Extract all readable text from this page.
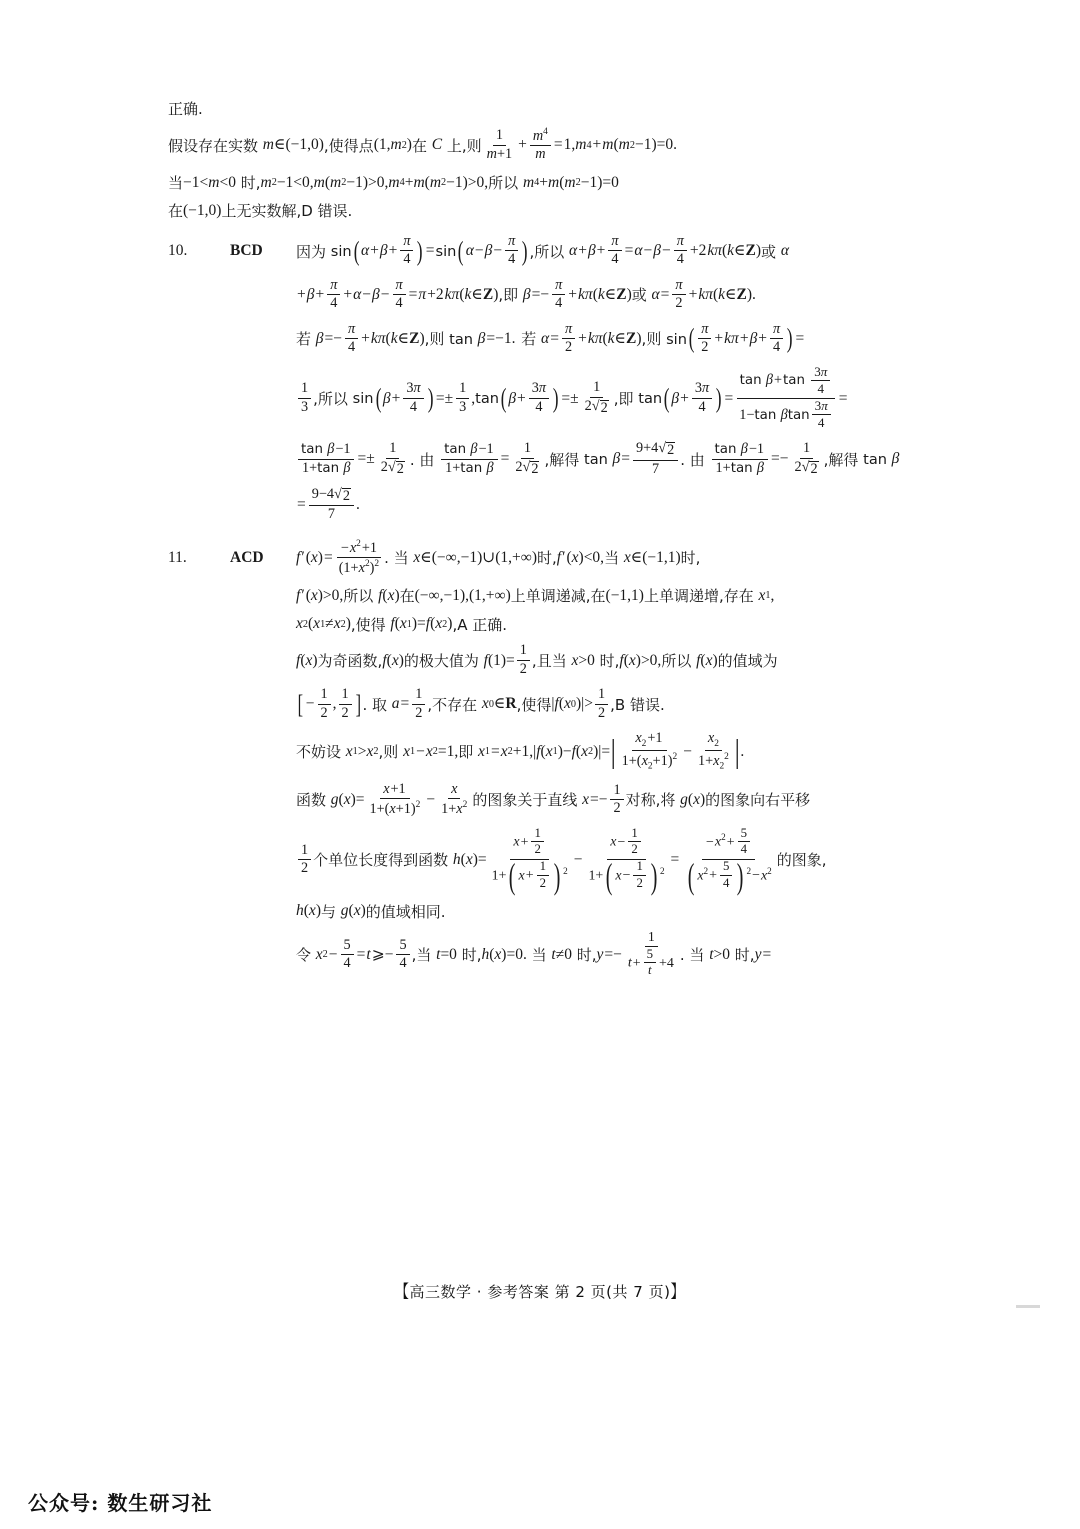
正确.
假设存在实数 m ∈(−1,0) ,使得点 (1, m 2 ) 在 C 上,则 $\frac{1}{m+1} + \frac{m^4}{m} = 1$, m 4 + m ( m 2 −1)=0.
当 −1< m <0 时, m 2 −1<0, m ( m 2 −1)>0, m 4 + m ( m 2 −1)>0, 所以 m 4 + m ( m 2 −1)=0
在 (−1,0) 上无实数解,D 错误.
10.	BCD	因为 sin ( $\alpha + \beta + \frac{\pi}{4}$ ) = sin ( $\alpha - \beta - \frac{\pi}{4}$ ) ,所以 $\alpha + \beta + \frac{\pi}{4} = \alpha - \beta - \frac{\pi}{4} +2$ k π ( k ∈ Z ) 或 α
+ $\beta + \frac{\pi}{4} + \alpha - \beta - \frac{\pi}{4} = \pi +2$ k π ( k ∈ Z ) ,即 $\beta =- \frac{\pi}{4} + k$ π ( k ∈ Z ) 或 $\alpha = \frac{\pi}{2} + k$ π ( k ∈ Z ).
若 $\beta =- \frac{\pi}{4} + k$ π ( k ∈ Z ) ,则 tan β =−1. 若 $\alpha = \frac{\pi}{2} + k$ π ( k ∈ Z ) ,则 sin ( $\frac{\pi}{2} + k$ $\pi + \beta + \frac{\pi}{4}$ ) =
$\frac{1}{3}$ ,所以 sin ( $\beta + \frac{3\pi}{4}$ ) =± $\frac{1}{3}$ , tan ( $\beta + \frac{3\pi}{4}$ ) =± $\frac{1}{2 √ 2}$ ,即 tan ( $\beta + \frac{3\pi}{4}$ ) = $\frac{\tan \beta+\tan \frac{3\pi}{4}}{1-\tan \beta\tan \frac{3\pi}{4}}$ =
$\frac{\text{tan β−1}}{\text{1+tan β}} =\pm \frac{1}{2 √ 2}$ . 由 $\frac{\text{tan β−1}}{\text{1+tan β}} = \frac{1}{2 √ 2}$ ,解得 $\tan \beta = \frac{9+4 √ 2}{7}$ . 由 $\frac{\text{tan β−1}}{\text{1+tan β}} =- \frac{1}{2 √ 2}$ ,解得 tan β
= $\frac{9-4 √ 2}{7}$ .
11.	ACD	f ′ ( x ) = $\frac{-x^2+1}{(1+x^2)^2}$ . 当 x ∈(−∞,−1)∪(1,+∞) 时, f ′ ( x )<0, 当 x ∈(−1,1) 时,
f ′ ( x )>0, 所以 f ( x ) 在 (−∞,−1),(1,+∞) 上单调递减,在 (−1,1) 上单调递增,存在 x 1 ,
x 2 ( x 1 ≠ x 2 ) ,使得 f ( x 1 )= f ( x 2 ) ,A 正确.
f ( x ) 为奇函数, f ( x ) 的极大值为 f $(1)= \frac{1}{2}$ ,且当 x >0 时, f ( x )>0, 所以 f ( x ) 的值域为
[ − $\frac{1}{2}$ , $\frac{1}{2}$ ] . 取 $a = \frac{1}{2}$ ,不存在 x 0 ∈ R ,使得 | f ( x 0 )|> $\frac{1}{2} ,B$ 错误.
不妨设 x 1 > x 2 ,则 x 1 − x 2 =1, 即 x 1 = x 2 +1,| f ( x 1 )− f ( x 2 )|= | $\frac{x_2+1}{1+(x_2+1)^2} - \frac{x_2}{1+x_2^2}$ | .
函数 g ( x )= $\frac{x+1}{1+(x+1)^2} - \frac{x}{1+x^2}$ 的图象关于直线 $x =- \frac{1}{2}$ 对称,将 g ( x ) 的图象向右平移
$\frac{1}{2}$ 个单位长度得到函数 h ( x )= $\frac{x+ \frac{1}{2}}{1+( x+ \frac{1}{2} ) ^2} - \frac{x- \frac{1}{2}}{1+( x- \frac{1}{2} ) ^2} = \frac{-x^2+ \frac{5}{4}}{( x^2+ \frac{5}{4} ) ^2-x^2}$ 的图象,
h ( x ) 与 g ( x ) 的值域相同.
令 x $2 - \frac{5}{4} = t$ ⩾− $\frac{5}{4}$ ,当 t =0 时, h ( x )=0. 当 t ≠0 时, $y =- \frac{1}{t+ \frac{5}{t} +4}$ . 当 t >0 时, y =
【高三数学 · 参考答案 第 2 页(共 7 页)】
公众号: 数生研习社
